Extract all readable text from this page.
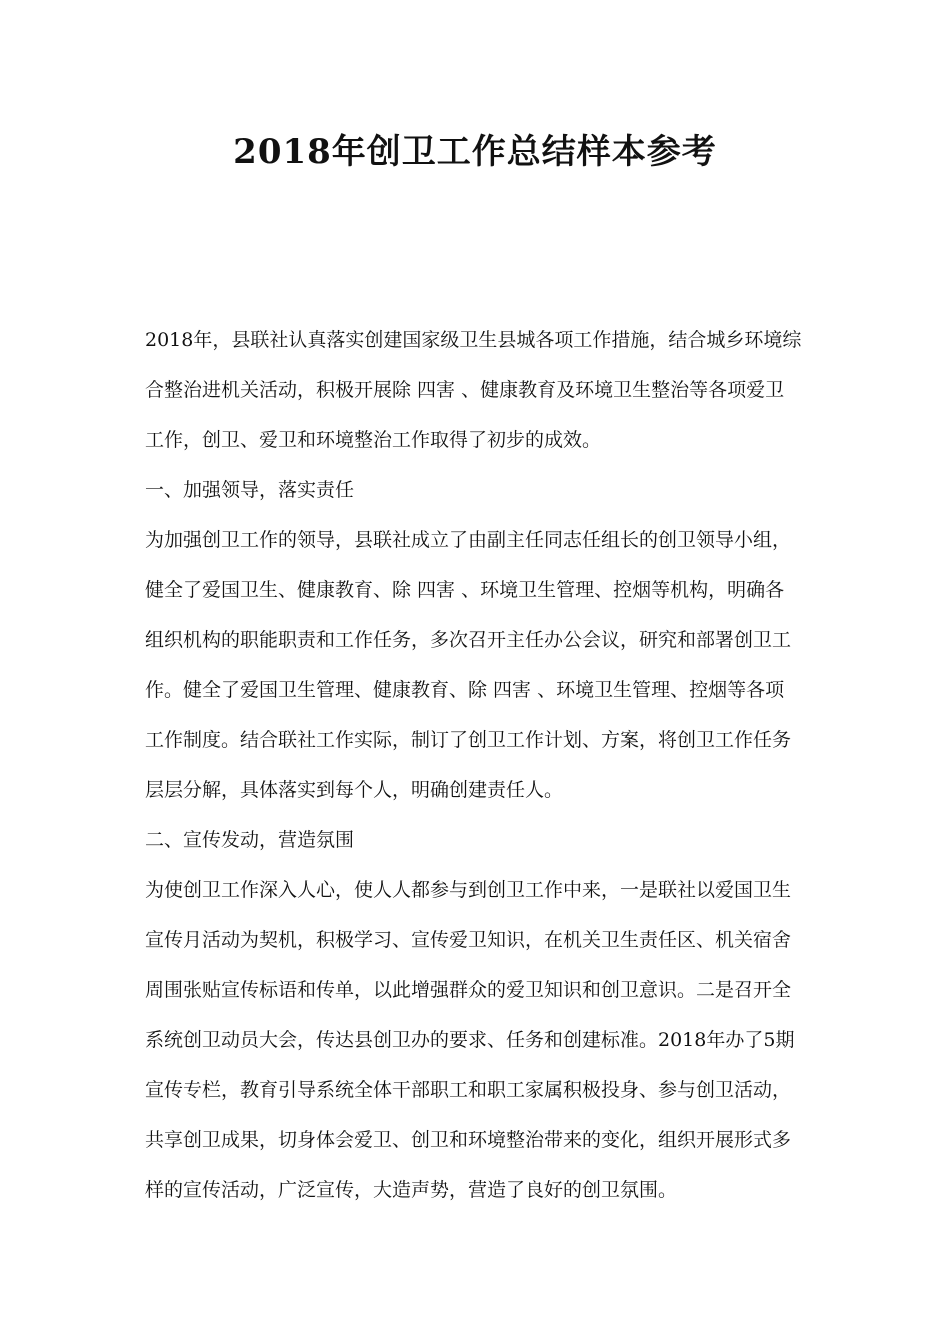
2018年创卫工作总结样本参考
2018年，县联社认真落实创建国家级卫生县城各项工作措施，结合城乡环境综
合整治进机关活动，积极开展除 四害 、健康教育及环境卫生整治等各项爱卫
工作，创卫、爱卫和环境整治工作取得了初步的成效。
一、加强领导，落实责任
为加强创卫工作的领导，县联社成立了由副主任同志任组长的创卫领导小组，
健全了爱国卫生、健康教育、除 四害 、环境卫生管理、控烟等机构，明确各
组织机构的职能职责和工作任务，多次召开主任办公会议，研究和部署创卫工
作。健全了爱国卫生管理、健康教育、除 四害 、环境卫生管理、控烟等各项
工作制度。结合联社工作实际，制订了创卫工作计划、方案，将创卫工作任务
层层分解，具体落实到每个人，明确创建责任人。
二、宣传发动，营造氛围
为使创卫工作深入人心，使人人都参与到创卫工作中来，一是联社以爱国卫生
宣传月活动为契机，积极学习、宣传爱卫知识，在机关卫生责任区、机关宿舍
周围张贴宣传标语和传单，以此增强群众的爱卫知识和创卫意识。二是召开全
系统创卫动员大会，传达县创卫办的要求、任务和创建标准。2018年办了5期
宣传专栏，教育引导系统全体干部职工和职工家属积极投身、参与创卫活动，
共享创卫成果，切身体会爱卫、创卫和环境整治带来的变化，组织开展形式多
样的宣传活动，广泛宣传，大造声势，营造了良好的创卫氛围。
